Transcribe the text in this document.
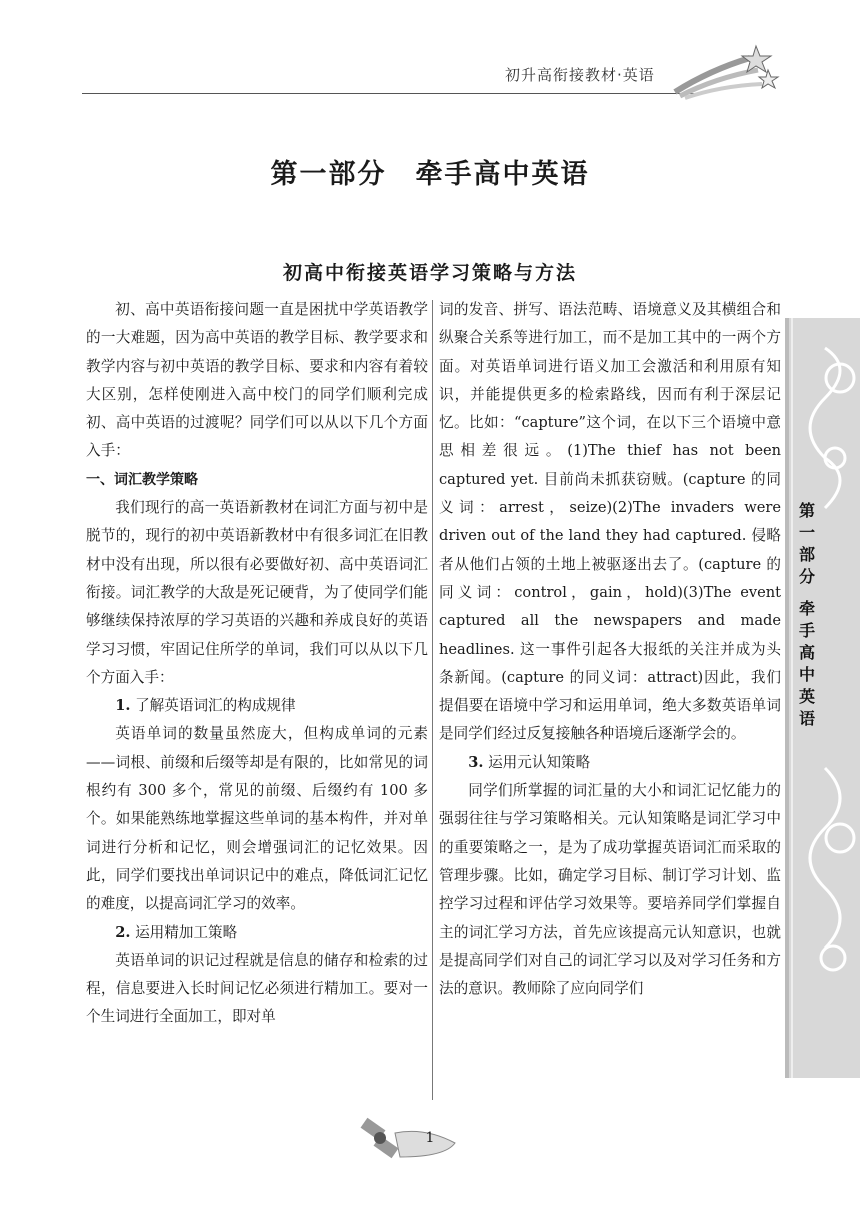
初升高衔接教材·英语
第一部分　牵手高中英语
初高中衔接英语学习策略与方法

初、高中英语衔接问题一直是困扰中学英语教学的一大难题，因为高中英语的教学目标、教学要求和教学内容与初中英语的教学目标、要求和内容有着较大区别，怎样使刚进入高中校门的同学们顺利完成初、高中英语的过渡呢？同学们可以从以下几个方面入手：

一、词汇教学策略

我们现行的高一英语新教材在词汇方面与初中是脱节的，现行的初中英语新教材中有很多词汇在旧教材中没有出现，所以很有必要做好初、高中英语词汇衔接。词汇教学的大敌是死记硬背，为了使同学们能够继续保持浓厚的学习英语的兴趣和养成良好的英语学习习惯，牢固记住所学的单词，我们可以从以下几个方面入手：

1. 了解英语词汇的构成规律

英语单词的数量虽然庞大，但构成单词的元素——词根、前缀和后缀等却是有限的，比如常见的词根约有 300 多个，常见的前缀、后缀约有 100 多个。如果能熟练地掌握这些单词的基本构件，并对单词进行分析和记忆，则会增强词汇的记忆效果。因此，同学们要找出单词识记中的难点，降低词汇记忆的难度，以提高词汇学习的效率。

2. 运用精加工策略

英语单词的识记过程就是信息的储存和检索的过程，信息要进入长时间记忆必须进行精加工。要对一个生词进行全面加工，即对单

词的发音、拼写、语法范畴、语境意义及其横组合和纵聚合关系等进行加工，而不是加工其中的一两个方面。对英语单词进行语义加工会激活和利用原有知识，并能提供更多的检索路线，因而有利于深层记忆。比如：“capture”这个词，在以下三个语境中意思相差很远。(1)The thief has not been captured yet. 目前尚未抓获窃贼。(capture 的同义词：arrest，seize)(2)The invaders were driven out of the land they had captured. 侵略者从他们占领的土地上被驱逐出去了。(capture 的同义词：control，gain，hold)(3)The event captured all the newspapers and made headlines. 这一事件引起各大报纸的关注并成为头条新闻。(capture 的同义词：attract)因此，我们提倡要在语境中学习和运用单词，绝大多数英语单词是同学们经过反复接触各种语境后逐渐学会的。

3. 运用元认知策略

同学们所掌握的词汇量的大小和词汇记忆能力的强弱往往与学习策略相关。元认知策略是词汇学习中的重要策略之一，是为了成功掌握英语词汇而采取的管理步骤。比如，确定学习目标、制订学习计划、监控学习过程和评估学习效果等。要培养同学们掌握自主的词汇学习方法，首先应该提高元认知意识，也就是提高同学们对自己的词汇学习以及对学习任务和方法的意识。教师除了应向同学们

第
一
部
分
牵
手
高
中
英
语
1
